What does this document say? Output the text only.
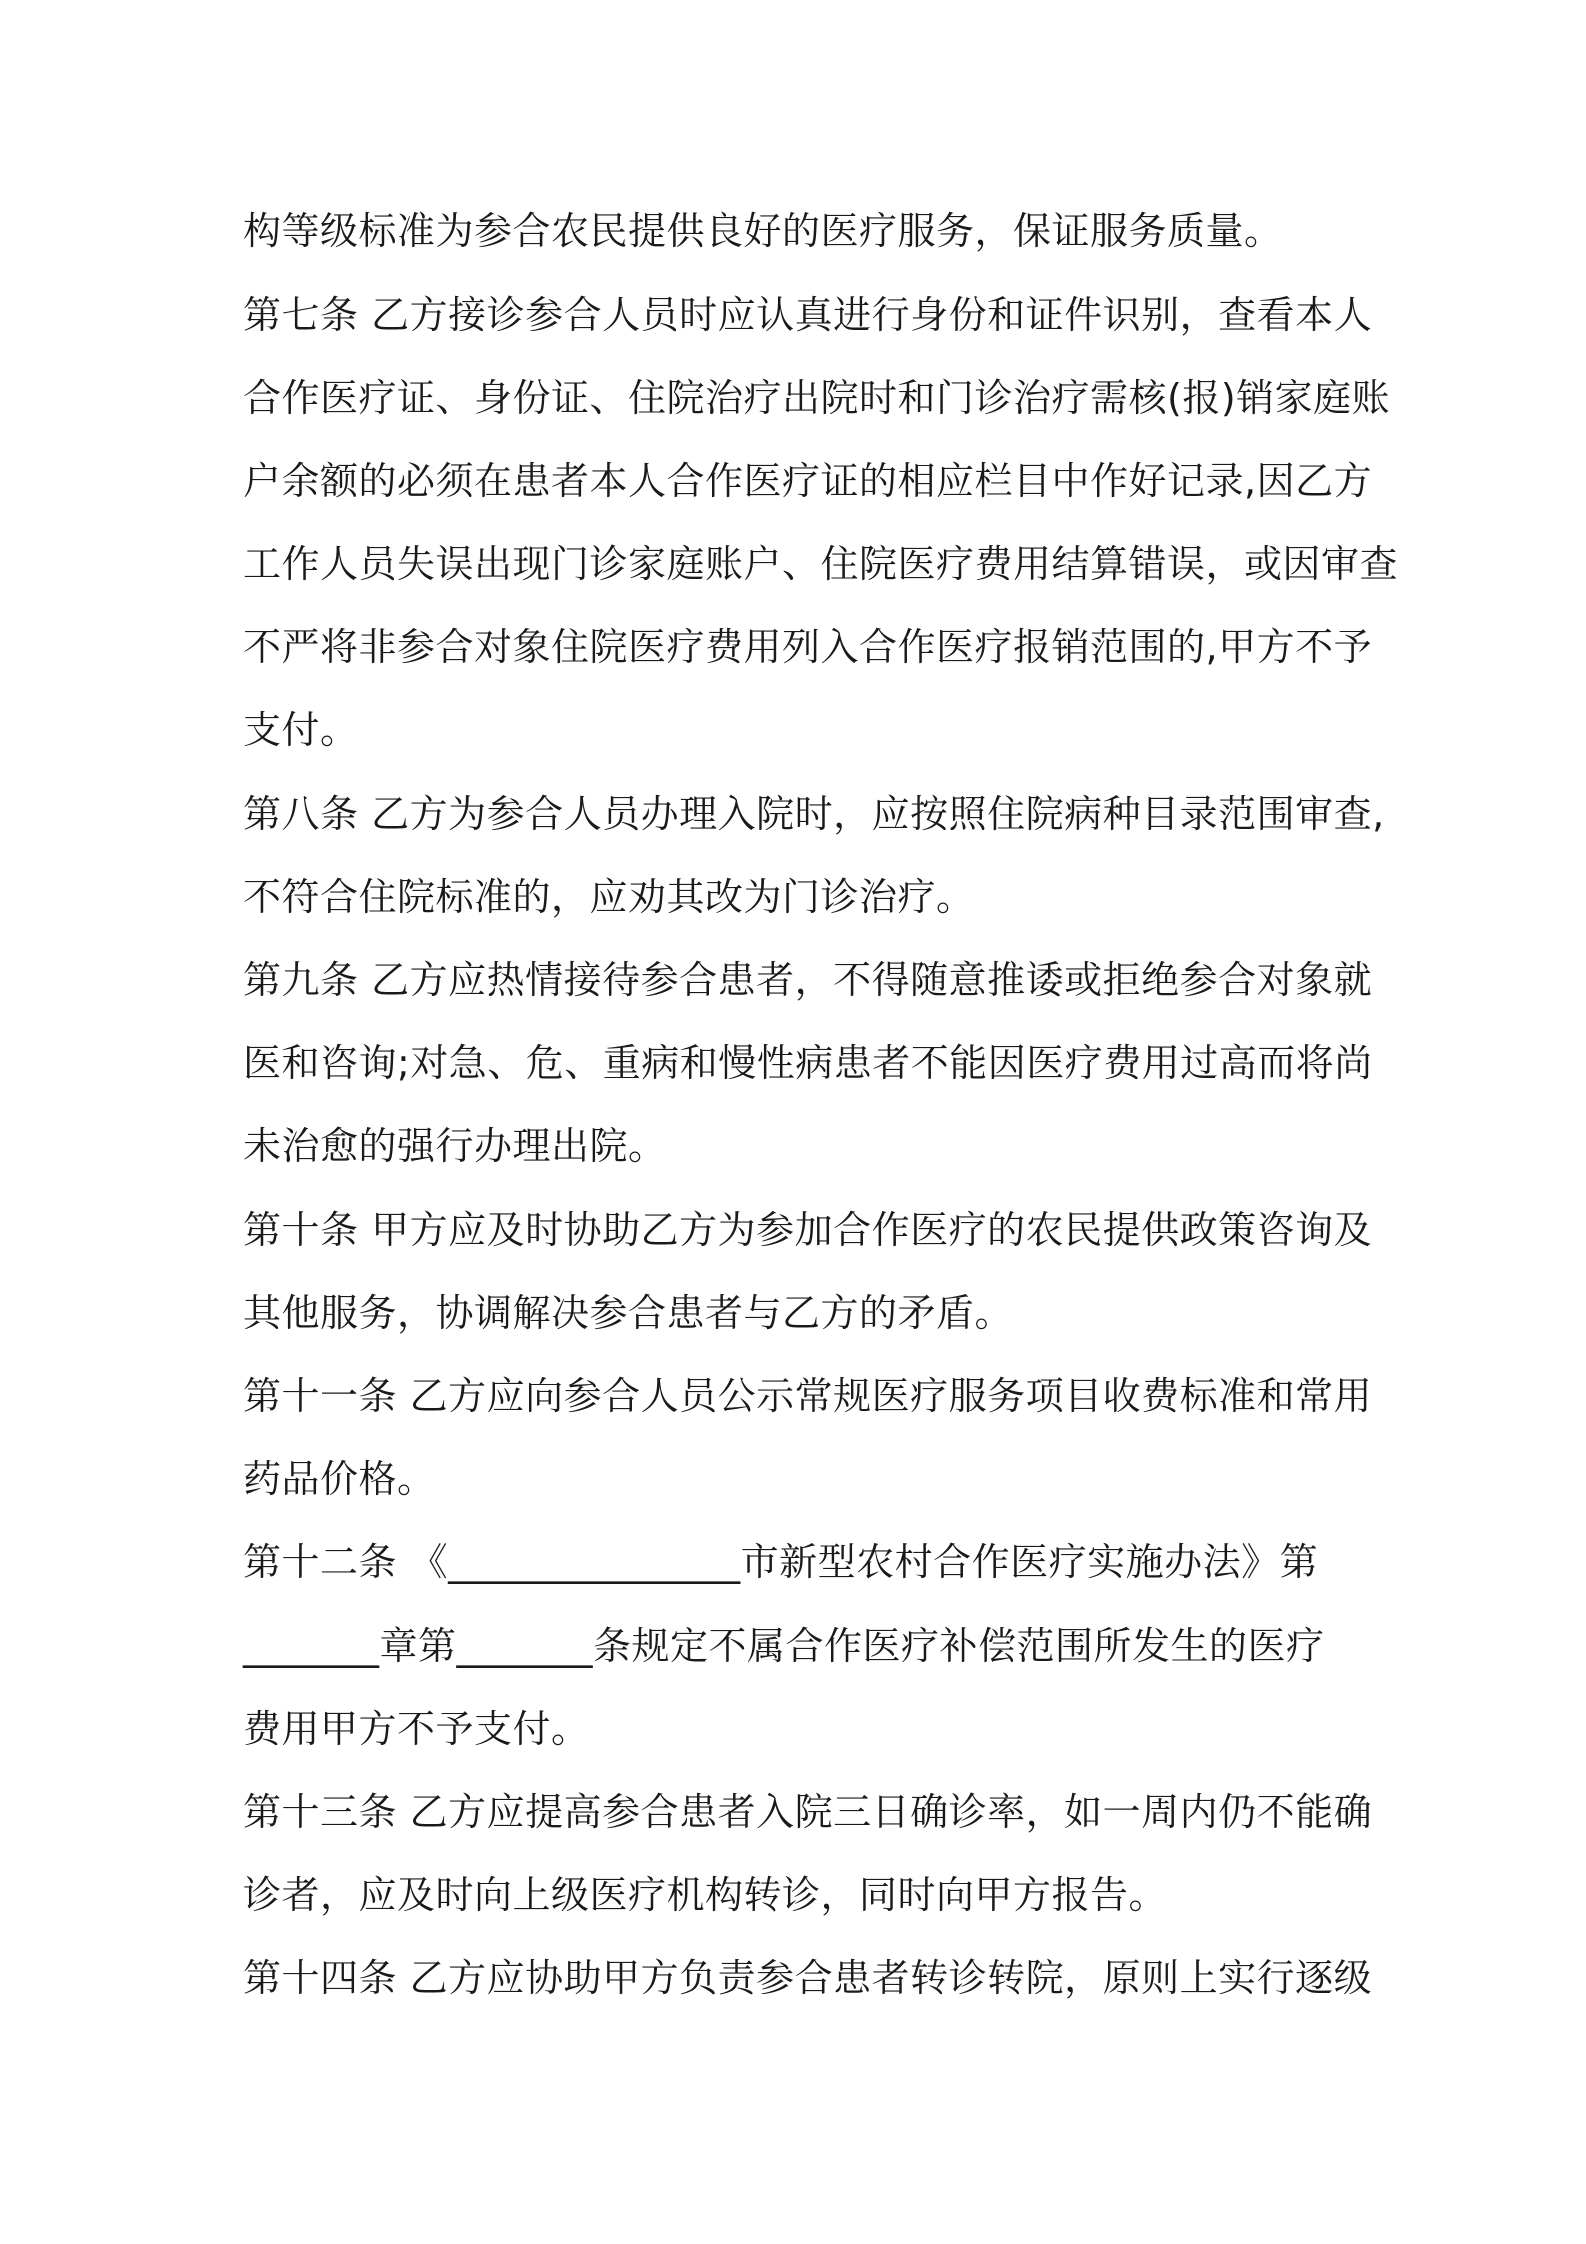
构等级标准为参合农民提供良好的医疗服务，保证服务质量。
第七条 乙方接诊参合人员时应认真进行身份和证件识别，查看本人
合作医疗证、身份证、住院治疗出院时和门诊治疗需核(报)销家庭账
户余额的必须在患者本人合作医疗证的相应栏目中作好记录,因乙方
工作人员失误出现门诊家庭账户、住院医疗费用结算错误，或因审查
不严将非参合对象住院医疗费用列入合作医疗报销范围的,甲方不予
支付。
第八条 乙方为参合人员办理入院时，应按照住院病种目录范围审查,
不符合住院标准的，应劝其改为门诊治疗。
第九条 乙方应热情接待参合患者，不得随意推诿或拒绝参合对象就
医和咨询;对急、危、重病和慢性病患者不能因医疗费用过高而将尚
未治愈的强行办理出院。
第十条 甲方应及时协助乙方为参加合作医疗的农民提供政策咨询及
其他服务，协调解决参合患者与乙方的矛盾。
第十一条 乙方应向参合人员公示常规医疗服务项目收费标准和常用
药品价格。
第十二条 《_______________市新型农村合作医疗实施办法》第
_______章第_______条规定不属合作医疗补偿范围所发生的医疗
费用甲方不予支付。
第十三条 乙方应提高参合患者入院三日确诊率，如一周内仍不能确
诊者，应及时向上级医疗机构转诊，同时向甲方报告。
第十四条 乙方应协助甲方负责参合患者转诊转院，原则上实行逐级
